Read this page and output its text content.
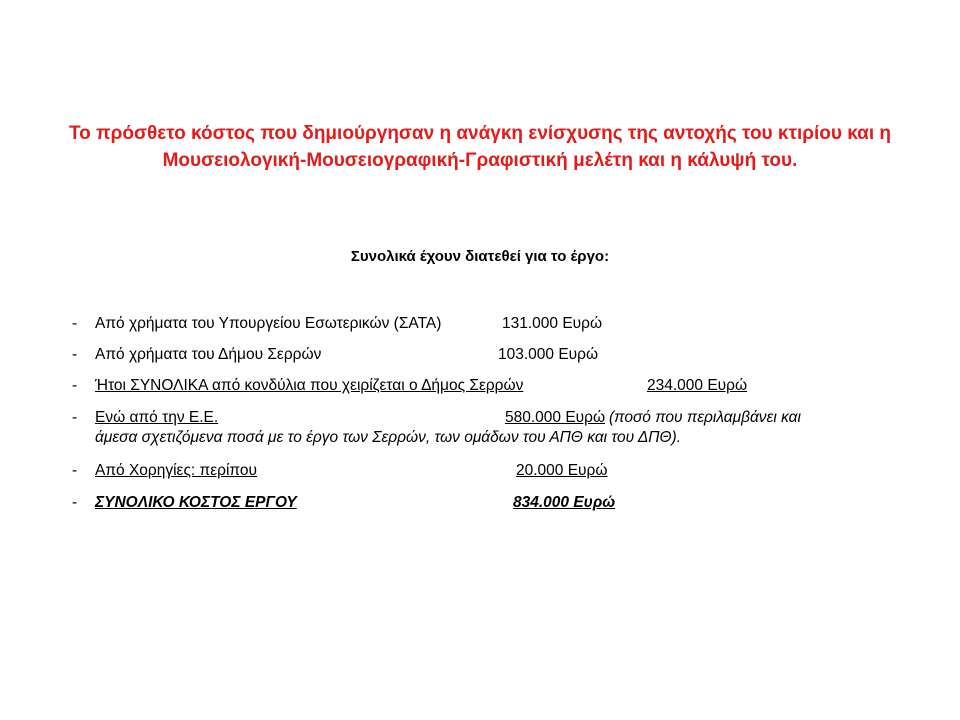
Το πρόσθετο κόστος που δημιούργησαν η ανάγκη ενίσχυσης της αντοχής του κτιρίου και η Μουσειολογική-Μουσειογραφική-Γραφιστική μελέτη και η κάλυψή του.
Συνολικά έχουν διατεθεί για το έργο:
- Από χρήματα του Υπουργείου Εσωτερικών (ΣΑΤΑ)	131.000 Ευρώ
- Από χρήματα του Δήμου Σερρών	103.000 Ευρώ
- Ήτοι ΣΥΝΟΛΙΚΑ από κονδύλια που χειρίζεται ο Δήμος Σερρών	234.000 Ευρώ
- Ενώ από την Ε.Ε.	580.000 Ευρώ (ποσό που περιλαμβάνει και
άμεσα σχετιζόμενα ποσά με το έργο των Σερρών, των ομάδων του ΑΠΘ και του ΔΠΘ).
- Από Χορηγίες: περίπου	20.000 Ευρώ
- ΣΥΝΟΛΙΚΟ ΚΟΣΤΟΣ ΕΡΓΟΥ	834.000 Ευρώ
